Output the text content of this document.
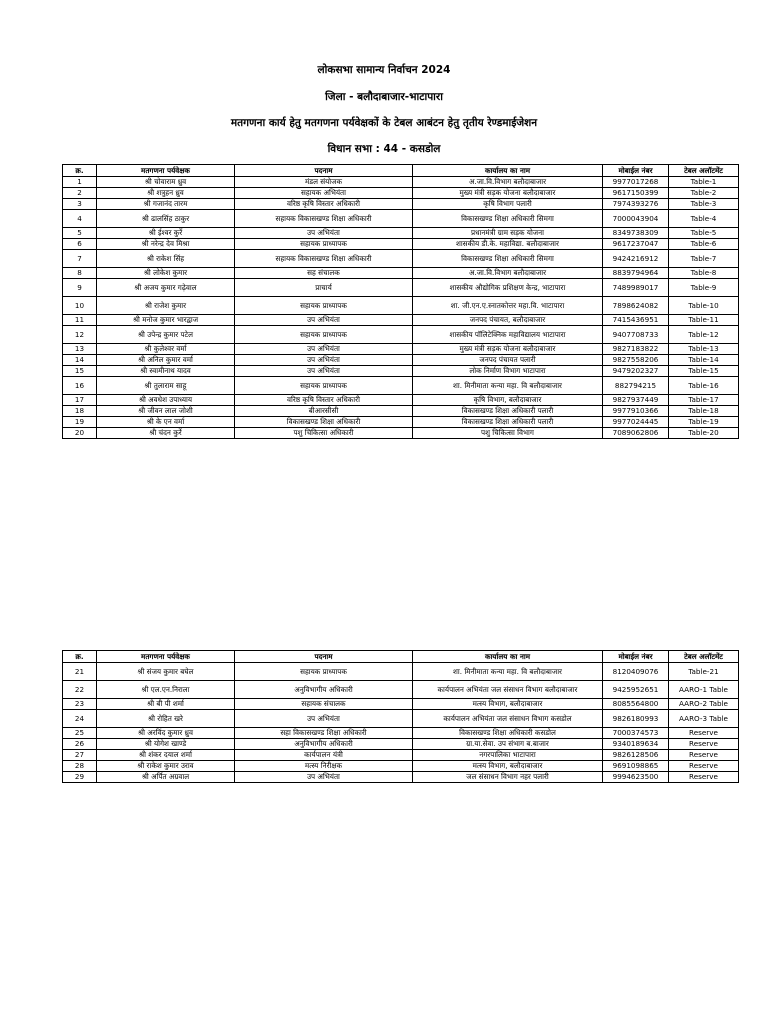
लोकसभा सामान्य निर्वाचन 2024
जिला - बलौदाबाजार-भाटापारा
मतगणना कार्य हेतु मतगणना पर्यवेक्षकों के टेबल आबंटन हेतु तृतीय रेण्डमाईजेशन
विधान सभा : 44 - कसडोल
क्र.	मतगणना पर्यवेक्षक	पदनाम	कार्यालय का नाम	मोबाईल नंबर	टेबल अलॉटमेंट
1	श्री चोवाराम ध्रुव	मंडल संयोजक	अ.जा.वि.विभाग बलौदाबाजार	9977017268	Table-1
2	श्री शत्रुहन ध्रुव	सहायक अभियंता	मुख्य मंत्री सड़क योजना बलौदाबाजार	9617150399	Table-2
3	श्री गजानंद तारम	वरिष्ठ कृषि विस्तार अधिकारी	कृषि विभाग पलारी	7974393276	Table-3
4	श्री ढालसिंह ठाकुर	सहायक विकासखण्ड शिक्षा अधिकारी	विकासखण्ड शिक्षा अधिकारी सिमगा	7000043904	Table-4
5	श्री ईश्वर कुर्रे	उप अभियंता	प्रधानमंत्री ग्राम सड़क योजना	8349738309	Table-5
6	श्री नरेन्द्र देव मिश्रा	सहायक प्राध्यापक	शासकीय डी.के. महाविद्या. बलौदाबाजार	9617237047	Table-6
7	श्री राकेश सिंह	सहायक विकासखण्ड शिक्षा अधिकारी	विकासखण्ड शिक्षा अधिकारी सिमगा	9424216912	Table-7
8	श्री लोकेश कुमार	सह संचालक	अ.जा.वि.विभाग बलौदाबाजार	8839794964	Table-8
9	श्री अजय कुमार गढ़ेवाल	प्राचार्य	शासकीय औद्योगिक प्रशिक्षण केन्द्र, भाटापारा	7489989017	Table-9
10	श्री राजेश कुमार	सहायक प्राध्यापक	शा. जी.एन.ए.स्नातकोत्तर महा.वि. भाटापारा	7898624082	Table-10
11	श्री मनोज कुमार भारद्वाज	उप अभियंता	जनपद पंचायत, बलौदाबाजार	7415436951	Table-11
12	श्री उपेन्द्र कुमार पटेल	सहायक प्राध्यापक	शासकीय पॉलिटेक्निक महाविद्यालय भाटापारा	9407708733	Table-12
13	श्री कुलेश्वर वर्मा	उप अभियंता	मुख्य मंत्री सड़क योजना बलौदाबाजार	9827183822	Table-13
14	श्री अनिल कुमार वर्मा	उप अभियंता	जनपद पंचायत पलारी	9827558206	Table-14
15	श्री स्वामीनाथ यादव	उप अभियंता	लोक निर्माण विभाग भाटापारा	9479202327	Table-15
16	श्री तुलाराम साहू	सहायक प्राध्यापक	शा. मिनीमाता कन्या महा. वि बलौदाबाजार	882794215	Table-16
17	श्री अवधेश उपाध्याय	वरिष्ठ कृषि विस्तार अधिकारी	कृषि विभाग, बलौदाबाजार	9827937449	Table-17
18	श्री जीवन लाल जोशी	बीआरसीसी	विकासखण्ड शिक्षा अधिकारी पलारी	9977910366	Table-18
19	श्री के एन वर्मा	विकासखण्ड शिक्षा अधिकारी	विकासखण्ड शिक्षा अधिकारी पलारी	9977024445	Table-19
20	श्री चंदन कुर्रे	पशु चिकित्सा अधिकारी	पशु चिकित्सा विभाग	7089062806	Table-20
क्र.	मतगणना पर्यवेक्षक	पदनाम	कार्यालय का नाम	मोबाईल नंबर	टेबल अलॉटमेंट
21	श्री संजय कुमार बघेल	सहायक प्राध्यापक	शा. मिनीमाता कन्या महा. वि बलौदाबाजार	8120409076	Table-21
22	श्री एल.एन.निराला	अनुविभागीय अधिकारी	कार्यपालन अभियंता जल संसाधन विभाग बलौदाबाजार	9425952651	AARO-1 Table
23	श्री बी पी शर्मा	सहायक संचालक	मत्स्य विभाग, बलौदाबाजार	8085564800	AARO-2 Table
24	श्री रोहित खरे	उप अभियंता	कार्यपालन अभियंता जल संसाधन विभाग कसडोल	9826180993	AARO-3 Table
25	श्री अरविंद कुमार ध्रुव	सहा विकासखण्ड शिक्षा अधिकारी	विकासखण्ड शिक्षा अधिकारी कसडोल	7000374573	Reserve
26	श्री योगेश खाण्डे	अनुविभागीय अधिकारी	ग्रा.या.सेवा. उप संभाग ब.बाजार	9340189634	Reserve
27	श्री शंकर दयाल शर्मा	कार्यपालन यंत्री	नगरपालिका भाटापारा	9826128506	Reserve
28	श्री राकेश कुमार उराव	मत्स्य निरीक्षक	मत्स्य विभाग, बलौदाबाजार	9691098865	Reserve
29	श्री अर्पित अग्रवाल	उप अभियंता	जल संसाधन विभाग नहर पलारी	9994623500	Reserve
